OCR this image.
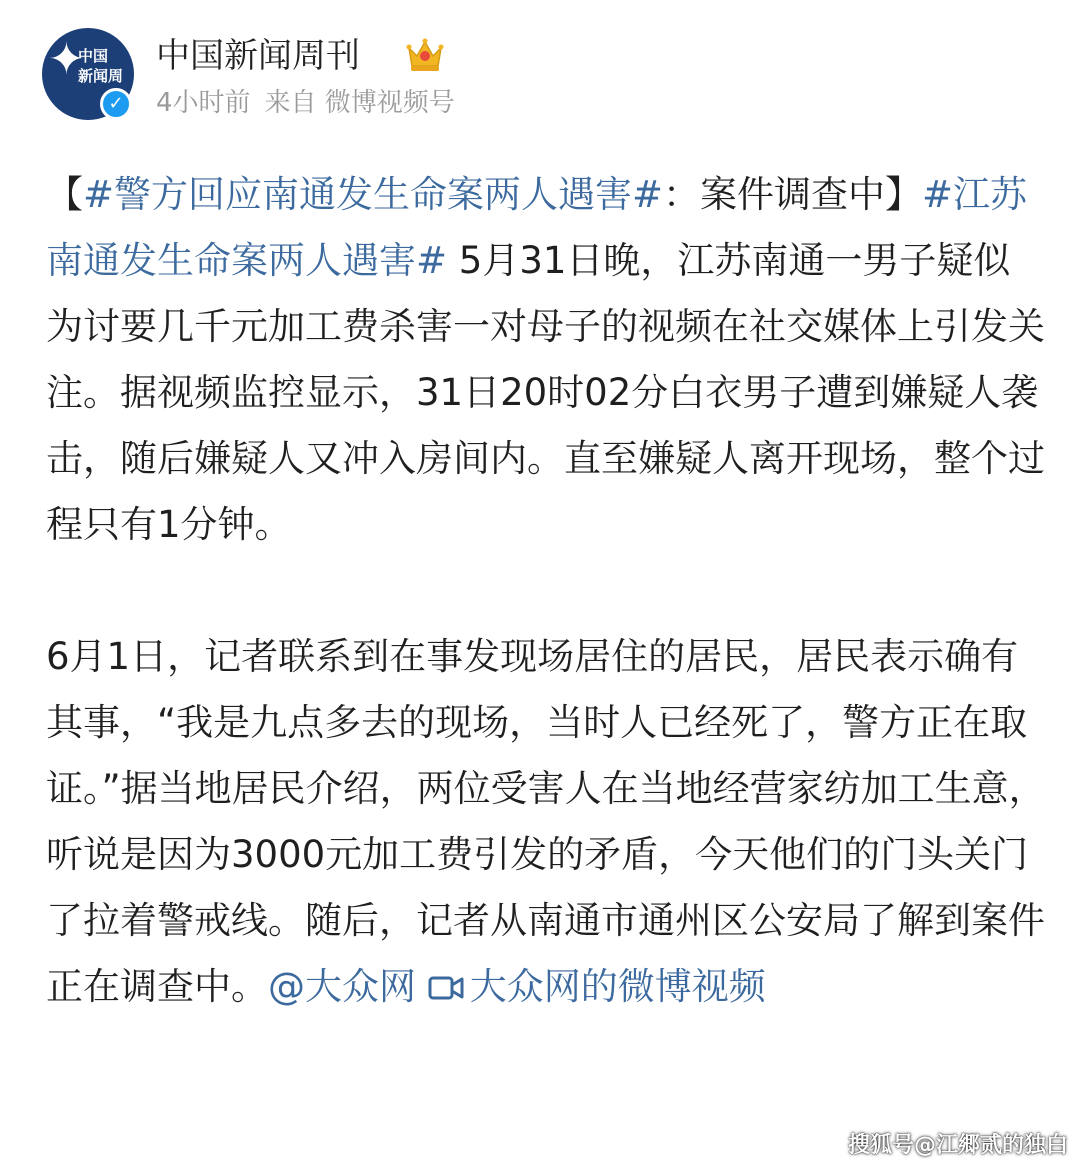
✦
中国
新闻周
✓
中国新闻周刊
4小时前 来自 微博视频号

【#警方回应南通发生命案两人遇害#：案件调查中】#江苏南通发生命案两人遇害# 5月31日晚，江苏南通一男子疑似为讨要几千元加工费杀害一对母子的视频在社交媒体上引发关注。据视频监控显示，31日20时02分白衣男子遭到嫌疑人袭击，随后嫌疑人又冲入房间内。直至嫌疑人离开现场，整个过程只有1分钟。

6月1日，记者联系到在事发现场居住的居民，居民表示确有其事，“我是九点多去的现场，当时人已经死了，警方正在取证。”据当地居民介绍，两位受害人在当地经营家纺加工生意，听说是因为3000元加工费引发的矛盾，今天他们的门头关门了拉着警戒线。随后，记者从南通市通州区公安局了解到案件正在调查中。@大众网 大众网的微博视频

搜狐号@江郷贰的独白
